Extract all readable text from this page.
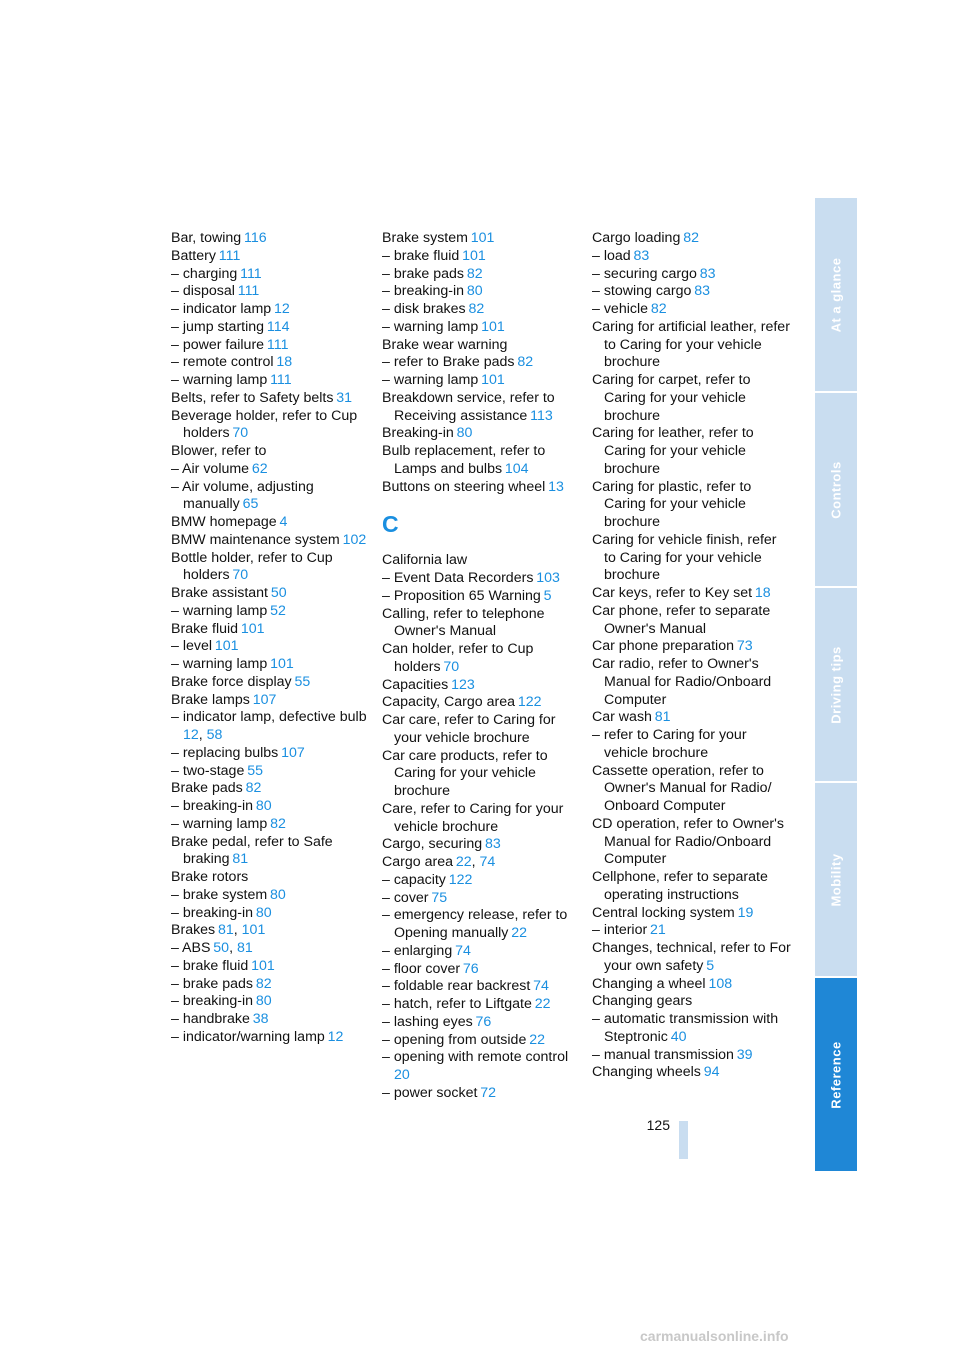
Bar, towing  116
Battery  111
– charging  111
– disposal  111
– indicator lamp  12
– jump starting  114
– power failure  111
– remote control  18
– warning lamp  111
Belts, refer to Safety belts  31
Beverage holder, refer to Cup holders  70
Blower, refer to
– Air volume  62
– Air volume, adjusting manually  65
BMW homepage  4
BMW maintenance system  102
Bottle holder, refer to Cup holders  70
Brake assistant  50
– warning lamp  52
Brake fluid  101
– level  101
– warning lamp  101
Brake force display  55
Brake lamps  107
– indicator lamp, defective bulb 12, 58
– replacing bulbs  107
– two-stage  55
Brake pads  82
– breaking-in  80
– warning lamp  82
Brake pedal, refer to Safe braking  81
Brake rotors
– brake system  80
– breaking-in  80
Brakes  81, 101
– ABS  50, 81
– brake fluid  101
– brake pads  82
– breaking-in  80
– handbrake  38
– indicator/warning lamp  12
Brake system  101
– brake fluid  101
– brake pads  82
– breaking-in  80
– disk brakes  82
– warning lamp  101
Brake wear warning
– refer to Brake pads  82
– warning lamp  101
Breakdown service, refer to Receiving assistance  113
Breaking-in  80
Bulb replacement, refer to Lamps and bulbs  104
Buttons on steering wheel  13
C
California law
– Event Data Recorders  103
– Proposition 65 Warning  5
Calling, refer to telephone Owner's Manual
Can holder, refer to Cup holders  70
Capacities  123
Capacity, Cargo area  122
Car care, refer to Caring for your vehicle brochure
Car care products, refer to Caring for your vehicle brochure
Care, refer to Caring for your vehicle brochure
Cargo, securing  83
Cargo area  22, 74
– capacity  122
– cover  75
– emergency release, refer to Opening manually  22
– enlarging  74
– floor cover  76
– foldable rear backrest  74
– hatch, refer to Liftgate  22
– lashing eyes  76
– opening from outside  22
– opening with remote control 20
– power socket  72
Cargo loading  82
– load  83
– securing cargo  83
– stowing cargo  83
– vehicle  82
Caring for artificial leather, refer to Caring for your vehicle brochure
Caring for carpet, refer to Caring for your vehicle brochure
Caring for leather, refer to Caring for your vehicle brochure
Caring for plastic, refer to Caring for your vehicle brochure
Caring for vehicle finish, refer to Caring for your vehicle brochure
Car keys, refer to Key set  18
Car phone, refer to separate Owner's Manual
Car phone preparation  73
Car radio, refer to Owner's Manual for Radio/Onboard Computer
Car wash  81
– refer to Caring for your vehicle brochure
Cassette operation, refer to Owner's Manual for Radio/ Onboard Computer
CD operation, refer to Owner's Manual for Radio/Onboard Computer
Cellphone, refer to separate operating instructions
Central locking system  19
– interior  21
Changes, technical, refer to For your own safety  5
Changing a wheel  108
Changing gears
– automatic transmission with Steptronic  40
– manual transmission  39
Changing wheels  94
125
At a glance
Controls
Driving tips
Mobility
Reference
carmanualsonline.info
